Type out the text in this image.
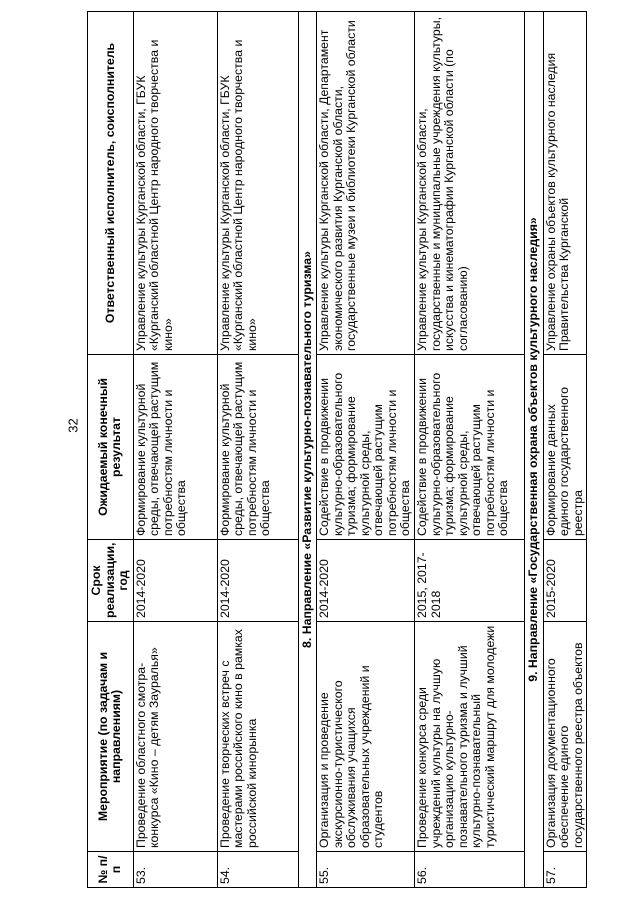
32
№ п/п	Мероприятие (по задачам и направлениям)	Срок реализации, год	Ожидаемый конечный результат	Ответственный исполнитель, соисполнитель
53.	Проведение областного смотра-конкурса «Кино – детям Зауралья»	2014-2020	Формирование культурной среды, отвечающей растущим потребностям личности и общества	Управление культуры Курганской области, ГБУК «Курганский областной Центр народного творчества и кино»
54.	Проведение творческих встреч с мастерами российского кино в рамках российской кинорынка	2014-2020	Формирование культурной среды, отвечающей растущим потребностям личности и общества	Управление культуры Курганской области, ГБУК «Курганский областной Центр народного творчества и кино»
8. Направление «Развитие культурно-познавательного туризма»				
55.	Организация и проведение экскурсионно-туристического обслуживания учащихся образовательных учреждений и студентов	2014-2020	Содействие в продвижении культурно-образовательного туризма; формирование культурной среды, отвечающей растущим потребностям личности и общества	Управление культуры Курганской области, Департамент экономического развития Курганской области, государственные музеи и библиотеки Курганской области
56.	Проведение конкурса среди учреждений культуры на лучшую организацию культурно-познавательного туризма и лучший культурно-познавательный туристический маршрут для молодежи	2015, 2017-2018	Содействие в продвижении культурно-образовательного туризма; формирование культурной среды, отвечающей растущим потребностям личности и общества	Управление культуры Курганской области, государственные и муниципальные учреждения культуры, искусства и кинематографии Курганской области (по согласованию)
9. Направление «Государственная охрана объектов культурного наследия»				
57.	Организация документационного обеспечение единого государственного реестра объектов	2015-2020	Формирование данных единого государственного реестра	Управление охраны объектов культурного наследия Правительства Курганской
